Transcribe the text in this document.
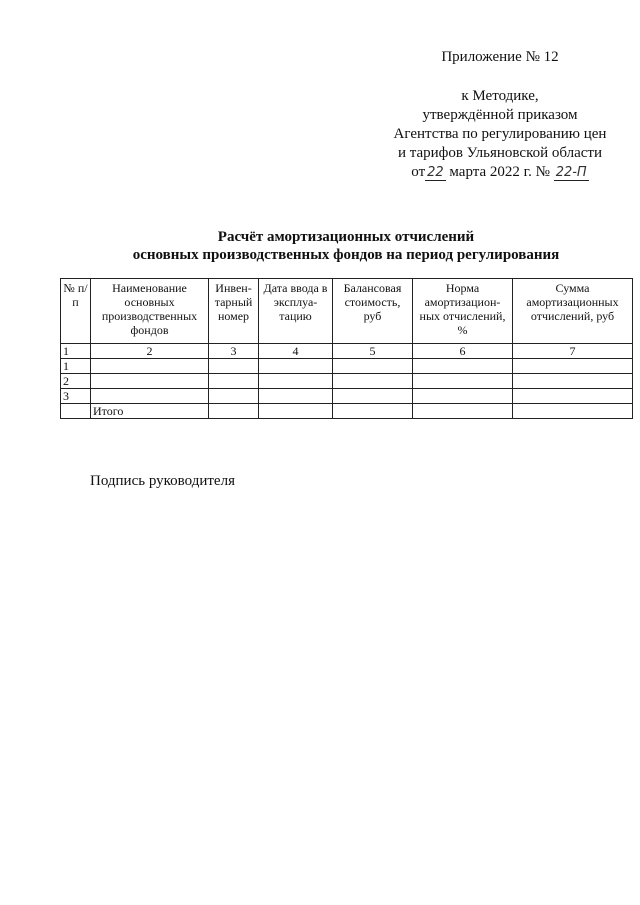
Приложение № 12
к Методике,
утверждённой приказом
Агентства по регулированию цен
и тарифов Ульяновской области
от 22 марта 2022 г. № 22-П
Расчёт амортизационных отчислений
основных производственных фондов на период регулирования
№ п/п	Наименование основных производственных фондов	Инвен- тарный номер	Дата ввода в эксплуа- тацию	Балансовая стоимость, руб	Норма амортизацион- ных отчислений, %	Сумма амортизационных отчислений, руб
1	2	3	4	5	6	7
1						
2						
3						
	Итого					
Подпись руководителя
